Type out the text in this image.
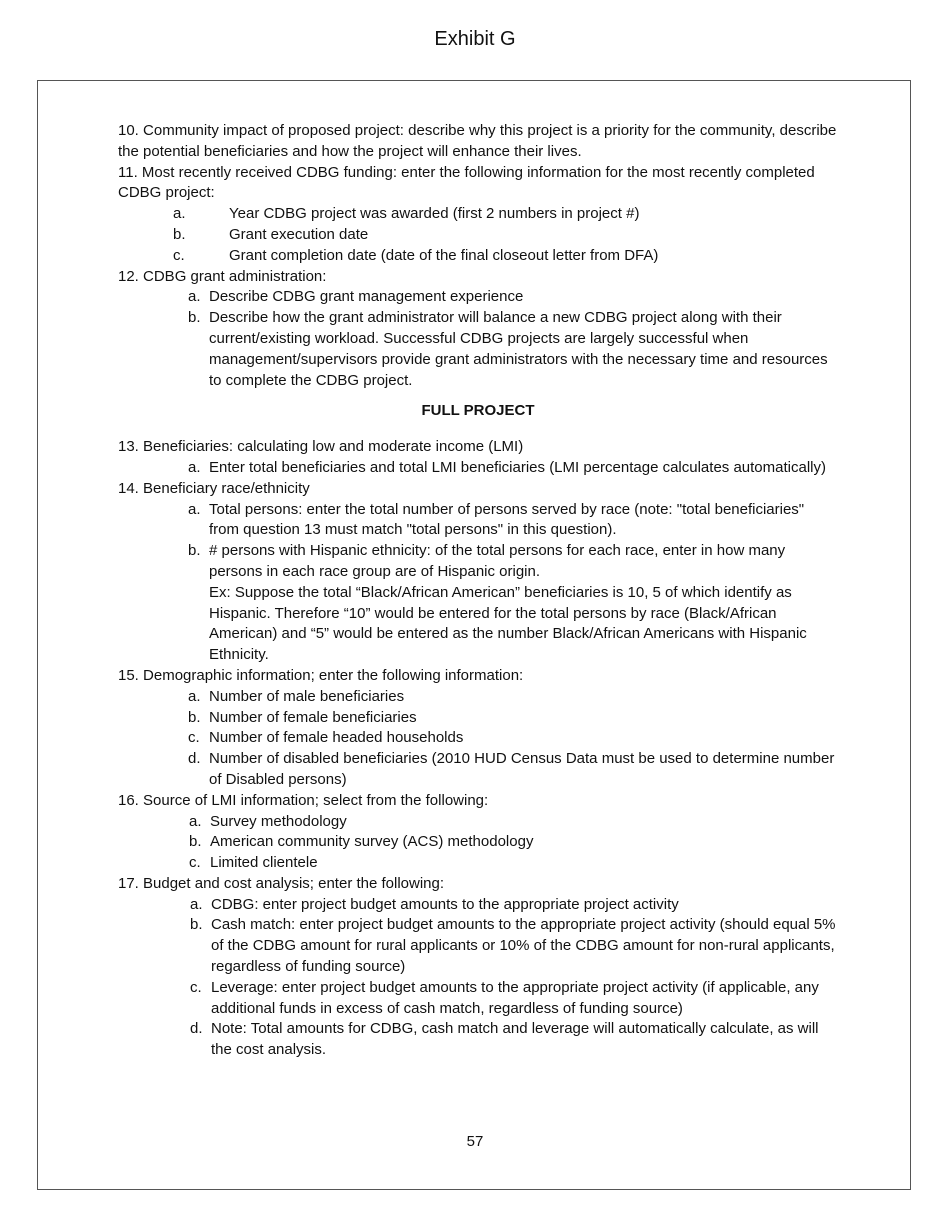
Exhibit G

10. Community impact of proposed project: describe why this project is a priority for the community, describe the potential beneficiaries and how the project will enhance their lives.

11. Most recently received CDBG funding: enter the following information for the most recently completed CDBG project:

a.	Year CDBG project was awarded (first 2 numbers in project #)
b.	Grant execution date
c.	Grant completion date (date of the final closeout letter from DFA)

12. CDBG grant administration:

a. Describe CDBG grant management experience
b. Describe how the grant administrator will balance a new CDBG project along with their current/existing workload. Successful CDBG projects are largely successful when management/supervisors provide grant administrators with the necessary time and resources to complete the CDBG project.

FULL PROJECT

13. Beneficiaries: calculating low and moderate income (LMI)

a. Enter total beneficiaries and total LMI beneficiaries (LMI percentage calculates automatically)

14. Beneficiary race/ethnicity

a. Total persons: enter the total number of persons served by race (note: "total beneficiaries" from question 13 must match "total persons" in this question).
b. # persons with Hispanic ethnicity: of the total persons for each race, enter in how many persons in each race group are of Hispanic origin.
Ex: Suppose the total “Black/African American” beneficiaries is 10, 5 of which identify as Hispanic. Therefore “10” would be entered for the total persons by race (Black/African American) and “5” would be entered as the number Black/African Americans with Hispanic Ethnicity.

15. Demographic information; enter the following information:

a. Number of male beneficiaries
b. Number of female beneficiaries
c. Number of female headed households
d. Number of disabled beneficiaries (2010 HUD Census Data must be used to determine number of Disabled persons)

16. Source of LMI information; select from the following:

a. Survey methodology
b. American community survey (ACS) methodology
c. Limited clientele

17. Budget and cost analysis; enter the following:

a. CDBG: enter project budget amounts to the appropriate project activity
b. Cash match: enter project budget amounts to the appropriate project activity (should equal 5% of the CDBG amount for rural applicants or 10% of the CDBG amount for non-rural applicants, regardless of funding source)
c. Leverage: enter project budget amounts to the appropriate project activity (if applicable, any additional funds in excess of cash match, regardless of funding source)
d. Note: Total amounts for CDBG, cash match and leverage will automatically calculate, as will the cost analysis.
57
